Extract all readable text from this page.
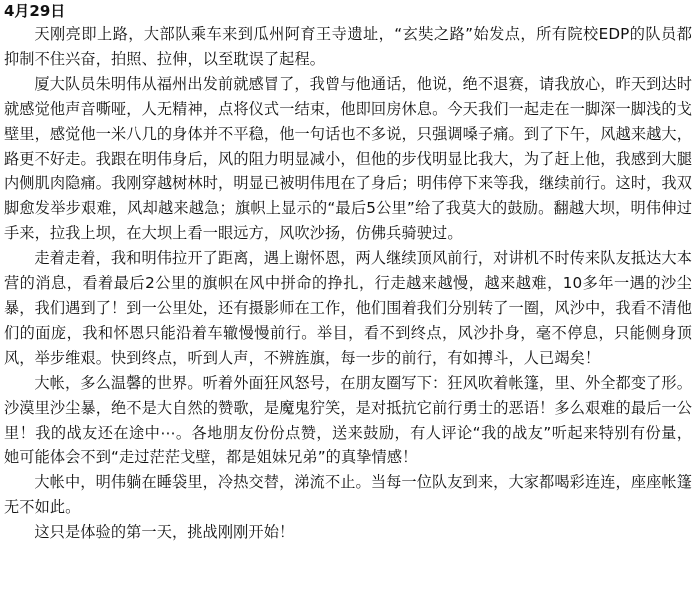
4月29日

天刚亮即上路，大部队乘车来到瓜州阿育王寺遗址，“玄奘之路”始发点，所有院校EDP的队员都抑制不住兴奋，拍照、拉伸，以至耽误了起程。

厦大队员朱明伟从福州出发前就感冒了，我曾与他通话，他说，绝不退赛，请我放心，昨天到达时就感觉他声音嘶哑，人无精神，点将仪式一结束，他即回房休息。今天我们一起走在一脚深一脚浅的戈壁里，感觉他一米八几的身体并不平稳，他一句话也不多说，只强调嗓子痛。到了下午，风越来越大，路更不好走。我跟在明伟身后，风的阻力明显减小，但他的步伐明显比我大，为了赶上他，我感到大腿内侧肌肉隐痛。我刚穿越树林时，明显已被明伟甩在了身后；明伟停下来等我，继续前行。这时，我双脚愈发举步艰难，风却越来越急；旗帜上显示的“最后5公里”给了我莫大的鼓励。翻越大坝，明伟伸过手来，拉我上坝，在大坝上看一眼远方，风吹沙扬，仿佛兵骑驶过。

走着走着，我和明伟拉开了距离，遇上谢怀恩，两人继续顶风前行，对讲机不时传来队友抵达大本营的消息，看着最后2公里的旗帜在风中拼命的挣扎，行走越来越慢，越来越难，10多年一遇的沙尘暴，我们遇到了！到一公里处，还有摄影师在工作，他们围着我们分别转了一圈，风沙中，我看不清他们的面庞，我和怀恩只能沿着车辙慢慢前行。举目，看不到终点，风沙扑身，毫不停息，只能侧身顶风，举步维艰。快到终点，听到人声，不辨旌旗，每一步的前行，有如搏斗，人已竭矣！

大帐，多么温馨的世界。听着外面狂风怒号，在朋友圈写下：狂风吹着帐篷，里、外全都变了形。沙漠里沙尘暴，绝不是大自然的赞歌，是魔鬼狞笑，是对抵抗它前行勇士的恶语！多么艰难的最后一公里！我的战友还在途中⋯。各地朋友份份点赞，送来鼓励，有人评论“我的战友”听起来特别有份量，她可能体会不到“走过茫茫戈壁，都是姐妹兄弟”的真挚情感！

大帐中，明伟躺在睡袋里，冷热交替，涕流不止。当每一位队友到来，大家都喝彩连连，座座帐篷无不如此。

这只是体验的第一天，挑战刚刚开始！
